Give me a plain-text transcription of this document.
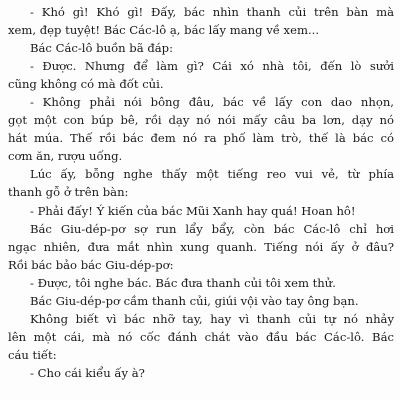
- Khó gì! Khó gì! Đấy, bác nhìn thanh củi trên bàn mà
xem, đẹp tuyệt! Bác Các-lô ạ, bác lấy mang về xem...

Bác Các-lô buồn bã đáp:

- Được. Nhưng để làm gì? Cái xó nhà tôi, đến lò sưởi
cũng không có mà đốt củi.

- Không phải nói bông đâu, bác về lấy con dao nhọn,
gọt một con búp bê, rồi dạy nó nói mấy câu ba lơn, dạy nó
hát múa. Thế rồi bác đem nó ra phố làm trò, thế là bác có
cơm ăn, rượu uống.

Lúc ấy, bỗng nghe thấy một tiếng reo vui vẻ, từ phía
thanh gỗ ở trên bàn:

- Phải đấy! Ý kiến của bác Mũi Xanh hay quá! Hoan hô!

Bác Giu-dép-pơ sợ run lẩy bẩy, còn bác Các-lô chỉ hơi
ngạc nhiên, đưa mắt nhìn xung quanh. Tiếng nói ấy ở đâu?
Rồi bác bảo bác Giu-dép-pơ:

- Được, tôi nghe bác. Bác đưa thanh củi tôi xem thử.

Bác Giu-dép-pơ cầm thanh củi, giúi vội vào tay ông bạn.

Không biết vì bác nhỡ tay, hay vì thanh củi tự nó nhảy
lên một cái, mà nó cốc đánh chát vào đầu bác Các-lô. Bác
cáu tiết:

- Cho cái kiểu ấy à?
